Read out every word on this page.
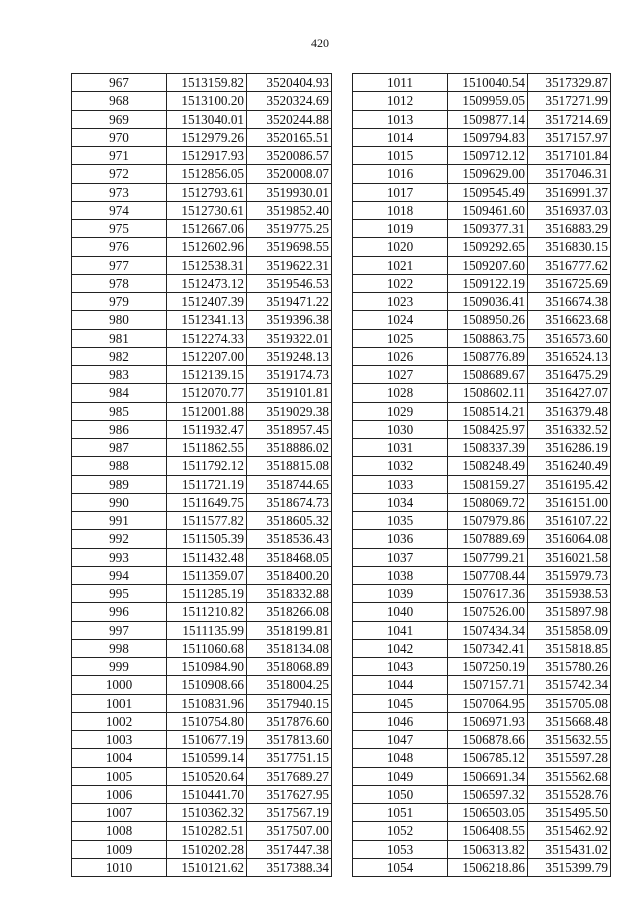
420
967	1513159.82	3520404.93
968	1513100.20	3520324.69
969	1513040.01	3520244.88
970	1512979.26	3520165.51
971	1512917.93	3520086.57
972	1512856.05	3520008.07
973	1512793.61	3519930.01
974	1512730.61	3519852.40
975	1512667.06	3519775.25
976	1512602.96	3519698.55
977	1512538.31	3519622.31
978	1512473.12	3519546.53
979	1512407.39	3519471.22
980	1512341.13	3519396.38
981	1512274.33	3519322.01
982	1512207.00	3519248.13
983	1512139.15	3519174.73
984	1512070.77	3519101.81
985	1512001.88	3519029.38
986	1511932.47	3518957.45
987	1511862.55	3518886.02
988	1511792.12	3518815.08
989	1511721.19	3518744.65
990	1511649.75	3518674.73
991	1511577.82	3518605.32
992	1511505.39	3518536.43
993	1511432.48	3518468.05
994	1511359.07	3518400.20
995	1511285.19	3518332.88
996	1511210.82	3518266.08
997	1511135.99	3518199.81
998	1511060.68	3518134.08
999	1510984.90	3518068.89
1000	1510908.66	3518004.25
1001	1510831.96	3517940.15
1002	1510754.80	3517876.60
1003	1510677.19	3517813.60
1004	1510599.14	3517751.15
1005	1510520.64	3517689.27
1006	1510441.70	3517627.95
1007	1510362.32	3517567.19
1008	1510282.51	3517507.00
1009	1510202.28	3517447.38
1010	1510121.62	3517388.34
1011	1510040.54	3517329.87
1012	1509959.05	3517271.99
1013	1509877.14	3517214.69
1014	1509794.83	3517157.97
1015	1509712.12	3517101.84
1016	1509629.00	3517046.31
1017	1509545.49	3516991.37
1018	1509461.60	3516937.03
1019	1509377.31	3516883.29
1020	1509292.65	3516830.15
1021	1509207.60	3516777.62
1022	1509122.19	3516725.69
1023	1509036.41	3516674.38
1024	1508950.26	3516623.68
1025	1508863.75	3516573.60
1026	1508776.89	3516524.13
1027	1508689.67	3516475.29
1028	1508602.11	3516427.07
1029	1508514.21	3516379.48
1030	1508425.97	3516332.52
1031	1508337.39	3516286.19
1032	1508248.49	3516240.49
1033	1508159.27	3516195.42
1034	1508069.72	3516151.00
1035	1507979.86	3516107.22
1036	1507889.69	3516064.08
1037	1507799.21	3516021.58
1038	1507708.44	3515979.73
1039	1507617.36	3515938.53
1040	1507526.00	3515897.98
1041	1507434.34	3515858.09
1042	1507342.41	3515818.85
1043	1507250.19	3515780.26
1044	1507157.71	3515742.34
1045	1507064.95	3515705.08
1046	1506971.93	3515668.48
1047	1506878.66	3515632.55
1048	1506785.12	3515597.28
1049	1506691.34	3515562.68
1050	1506597.32	3515528.76
1051	1506503.05	3515495.50
1052	1506408.55	3515462.92
1053	1506313.82	3515431.02
1054	1506218.86	3515399.79
